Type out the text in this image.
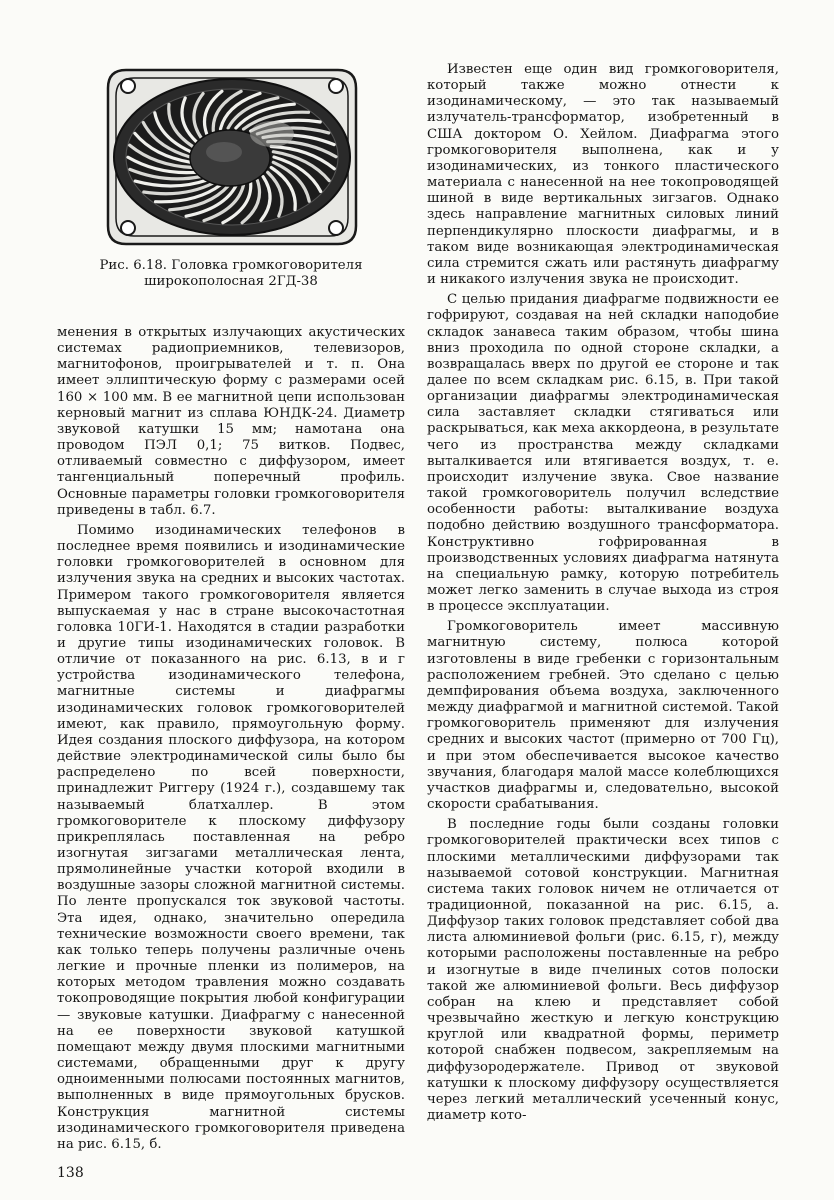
Рис. 6.18. Головка громкоговорителя широкополосная 2ГД-38

менения в открытых излучающих акустических системах радиоприемников, телевизоров, магнитофонов, проигрывателей и т. п. Она имеет эллиптическую форму с размерами осей 160 × 100 мм. В ее магнитной цепи использован керновый магнит из сплава ЮНДК-24. Диаметр звуковой катушки 15 мм; намотана она проводом ПЭЛ 0,1; 75 витков. Подвес, отливаемый совместно с диффузором, имеет тангенциальный поперечный профиль. Основные параметры головки громкоговорителя приведены в табл. 6.7.

Помимо изодинамических телефонов в последнее время появились и изодинамические головки громкоговорителей в основном для излучения звука на средних и высоких частотах. Примером такого громкоговорителя является выпускаемая у нас в стране высокочастотная головка 10ГИ-1. Находятся в стадии разработки и другие типы изодинамических головок. В отличие от показанного на рис. 6.13, в и г устройства изодинамического телефона, магнитные системы и диафрагмы изодинамических головок громкоговорителей имеют, как правило, прямоугольную форму. Идея создания плоского диффузора, на котором действие электродинамической силы было бы распределено по всей поверхности, принадлежит Риггеру (1924 г.), создавшему так называемый блатхаллер. В этом громкоговорителе к плоскому диффузору прикреплялась поставленная на ребро изогнутая зигзагами металлическая лента, прямолинейные участки которой входили в воздушные зазоры сложной магнитной системы. По ленте пропускался ток звуковой частоты. Эта идея, однако, значительно опередила технические возможности своего времени, так как только теперь получены различные очень легкие и прочные пленки из полимеров, на которых методом травления можно создавать токопроводящие покрытия любой конфигурации — звуковые катушки. Диафрагму с нанесенной на ее поверхности звуковой катушкой помещают между двумя плоскими магнитными системами, обращенными друг к другу одноименными полюсами постоянных магнитов, выполненных в виде прямоугольных брусков. Конструкция магнитной системы изодинамического громкоговорителя приведена на рис. 6.15, б.

Известен еще один вид громкоговорителя, который также можно отнести к изодинамическому, — это так называемый излучатель-трансформатор, изобретенный в США доктором О. Хейлом. Диафрагма этого громкоговорителя выполнена, как и у изодинамических, из тонкого пластического материала с нанесенной на нее токопроводящей шиной в виде вертикальных зигзагов. Однако здесь направление магнитных силовых линий перпендикулярно плоскости диафрагмы, и в таком виде возникающая электродинамическая сила стремится сжать или растянуть диафрагму и никакого излучения звука не происходит.

С целью придания диафрагме подвижности ее гофрируют, создавая на ней складки наподобие складок занавеса таким образом, чтобы шина вниз проходила по одной стороне складки, а возвращалась вверх по другой ее стороне и так далее по всем складкам рис. 6.15, в. При такой организации диафрагмы электродинамическая сила заставляет складки стягиваться или раскрываться, как меха аккордеона, в результате чего из пространства между складками выталкивается или втягивается воздух, т. е. происходит излучение звука. Свое название такой громкоговоритель получил вследствие особенности работы: выталкивание воздуха подобно действию воздушного трансформатора. Конструктивно гофрированная в производственных условиях диафрагма натянута на специальную рамку, которую потребитель может легко заменить в случае выхода из строя в процессе эксплуатации.

Громкоговоритель имеет массивную магнитную систему, полюса которой изготовлены в виде гребенки с горизонтальным расположением гребней. Это сделано с целью демпфирования объема воздуха, заключенного между диафрагмой и магнитной системой. Такой громкоговоритель применяют для излучения средних и высоких частот (примерно от 700 Гц), и при этом обеспечивается высокое качество звучания, благодаря малой массе колеблющихся участков диафрагмы и, следовательно, высокой скорости срабатывания.

В последние годы были созданы головки громкоговорителей практически всех типов с плоскими металлическими диффузорами так называемой сотовой конструкции. Магнитная система таких головок ничем не отличается от традиционной, показанной на рис. 6.15, а. Диффузор таких головок представляет собой два листа алюминиевой фольги (рис. 6.15, г), между которыми расположены поставленные на ребро и изогнутые в виде пчелиных сотов полоски такой же алюминиевой фольги. Весь диффузор собран на клею и представляет собой чрезвычайно жесткую и легкую конструкцию круглой или квадратной формы, периметр которой снабжен подвесом, закрепляемым на диффузородержателе. Привод от звуковой катушки к плоскому диффузору осуществляется через легкий металлический усеченный конус, диаметр кото-

138
